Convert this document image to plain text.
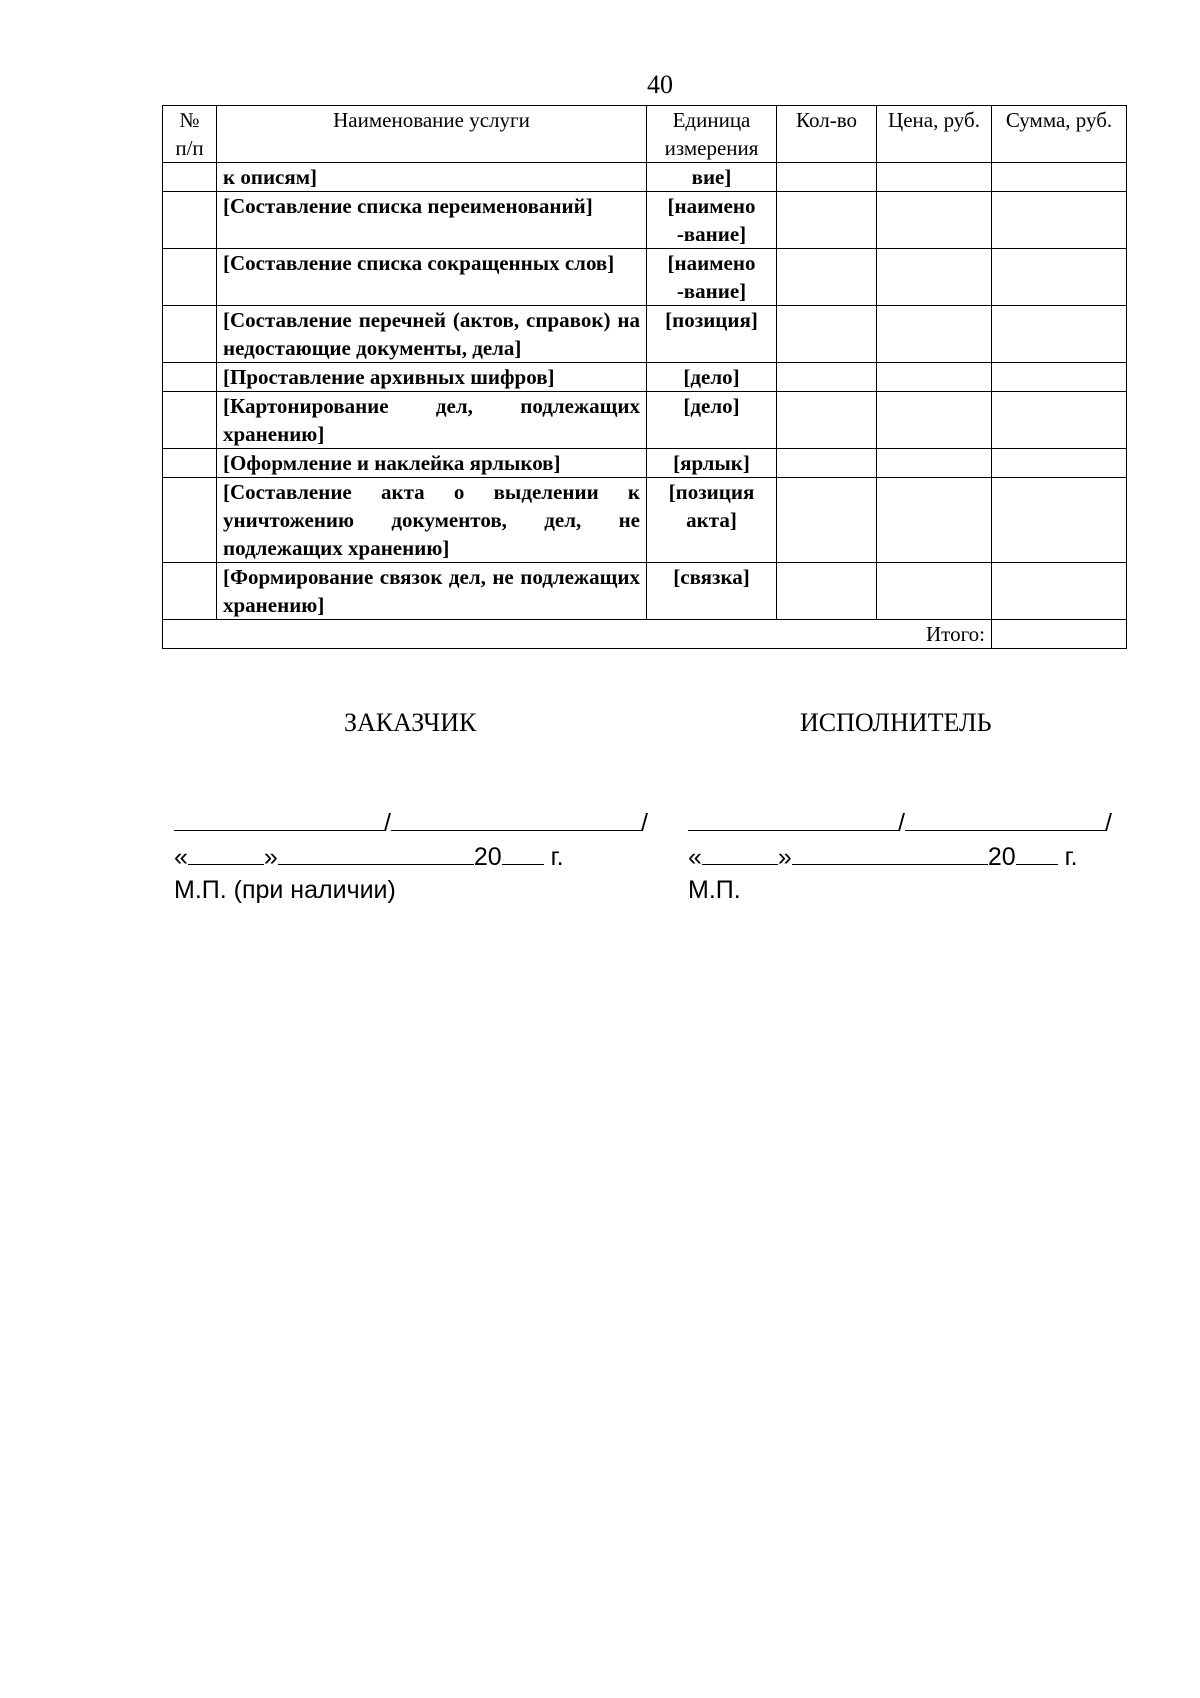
40
№ п/п	Наименование услуги	Единица измерения	Кол-во	Цена, руб.	Сумма, руб.
	к описям]	вие]			
	[Составление списка переименований]	[наимено -вание]			
	[Составление списка сокращенных слов]	[наимено -вание]			
	[Составление перечней (актов, справок) на недостающие документы, дела]	[позиция]			
	[Проставление архивных шифров]	[дело]			
	[Картонирование дел, подлежащих хранению]	[дело]			
	[Оформление и наклейка ярлыков]	[ярлык]			
	[Составление акта о выделении к уничтожению документов, дел, не подлежащих хранению]	[позиция акта]			
	[Формирование связок дел, не подлежащих хранению]	[связка]			
Итого:					
ЗАКАЗЧИК	ИСПОЛНИТЕЛЬ
/	/
«	»	20 г.
М.П. (при наличии)
/	/
«	»	20 г.
М.П.
